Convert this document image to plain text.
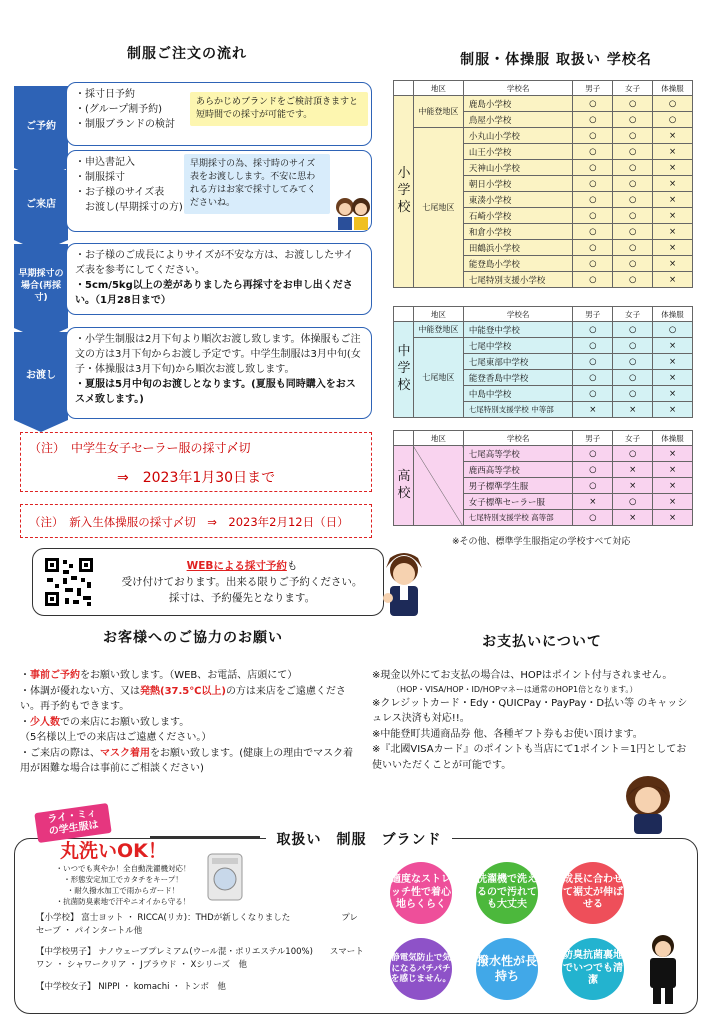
制服ご注文の流れ
ご予約
・採寸日予約
・(グループ割予約)
・制服ブランドの検討
あらかじめブランドをご検討頂きますと短時間での採寸が可能です。
ご来店
・申込書記入
・制服採寸
・お子様のサイズ表
　お渡し(早期採寸の方)
早期採寸の為、採寸時のサイズ表をお渡しします。不安に思われる方はお家で採寸してみてくださいね。
早期採寸の場合(再採寸)
・お子様のご成長によりサイズが不安な方は、お渡ししたサイズ表を参考にしてください。
・5cm/5kg以上の差がありましたら再採寸をお申し出ください。（1月28日まで）
お渡し
・小学生制服は2月下旬より順次お渡し致します。体操服もご注文の方は3月下旬からお渡し予定です。中学生制服は3月中旬(女子・体操服は3月下旬)から順次お渡し致します。
・夏服は5月中旬のお渡しとなります。(夏服も同時購入をおススメ致します。)
（注）　中学生女子セーラー服の採寸〆切
⇒　2023年1月30日まで
（注）　新入生体操服の採寸〆切　⇒　2023年2月12日（日）
WEBによる採寸予約も
受け付けております。出来る限りご予約ください。
採寸は、予約優先となります。
制服・体操服 取扱い 学校名
	地区	学校名	男子	女子	体操服

小学校	中能登地区	鹿島小学校	○	○	○
		鳥屋小学校	○	○	○
	七尾地区	小丸山小学校	○	○	×
		山王小学校	○	○	×
		天神山小学校	○	○	×
		朝日小学校	○	○	×
		東湊小学校	○	○	×
		石崎小学校	○	○	×
		和倉小学校	○	○	×
		田鶴浜小学校	○	○	×
		能登島小学校	○	○	×
		七尾特別支援小学校	○	○	×
	地区	学校名	男子	女子	体操服

中学校	中能登地区	中能登中学校	○	○	○
	七尾地区	七尾中学校	○	○	×
		七尾東部中学校	○	○	×
		能登香島中学校	○	○	×
		中島中学校	○	○	×
		七尾特別支援学校 中等部	×	×	×
	地区	学校名	男子	女子	体操服

高校		七尾高等学校	○	○	×
		鹿西高等学校	○	×	×
		男子標準学生服	○	×	×
		女子標準セーラー服	×	○	×
		七尾特別支援学校 高等部	○	×	×
※その他、標準学生服指定の学校すべて対応
お客様へのご協力のお願い
・事前ご予約をお願い致します。（WEB、お電話、店頭にて）
・体調が優れない方、又は発熱(37.5℃以上)の方は来店をご遠慮ください。再予約もできます。
・少人数での来店にお願い致します。
（5名様以上での来店はご遠慮ください。）
・ご来店の際は、マスク着用をお願い致します。(健康上の理由でマスク着用が困難な場合は事前にご相談ください)
お支払いについて
※現金以外にてお支払の場合は、HOPはポイント付与されません。
（HOP・VISA/HOP・ID/HOPマネーは通常のHOP1倍となります。）
※クレジットカード・Edy・QUICPay・PayPay・D払い等 のキャッシュレス決済も対応!!。
※中能登町共通商品券 他、各種ギフト券もお使い頂けます。
※『北國VISAカード』のポイントも当店にて1ポイント＝1円としてお使いいただくことが可能です。
取扱い　制服　ブランド
ライ・ミィの学生服は
丸洗いOK！
・いつでも爽やか！全自動洗濯機対応！
・形態安定加工でカタチをキープ！
・耐久撥水加工で雨からガード！
・抗菌防臭素地で汗やニオイから守る！
【小学校】 富士ヨット ・ RICCA(リカ)：THDが新しくなりました　　　　　　プレセーブ ・ パインタートル他
【中学校男子】 ナノウェーブプレミアム(ウール混・ポリエステル100%)　　スマートワン ・ シャワークリア ・ Jブラウド ・ Xシリーズ　他
【中学校女子】 NIPPI ・ komachi ・ トンボ　他
適度なストレッチ性で着心地らくらく
洗濯機で洗えるので汚れても大丈夫
成長に合わせて裾丈が伸ばせる
静電気防止で気になるパチパチを感じません。
撥水性が長持ち
防臭抗菌裏地でいつでも清潔
